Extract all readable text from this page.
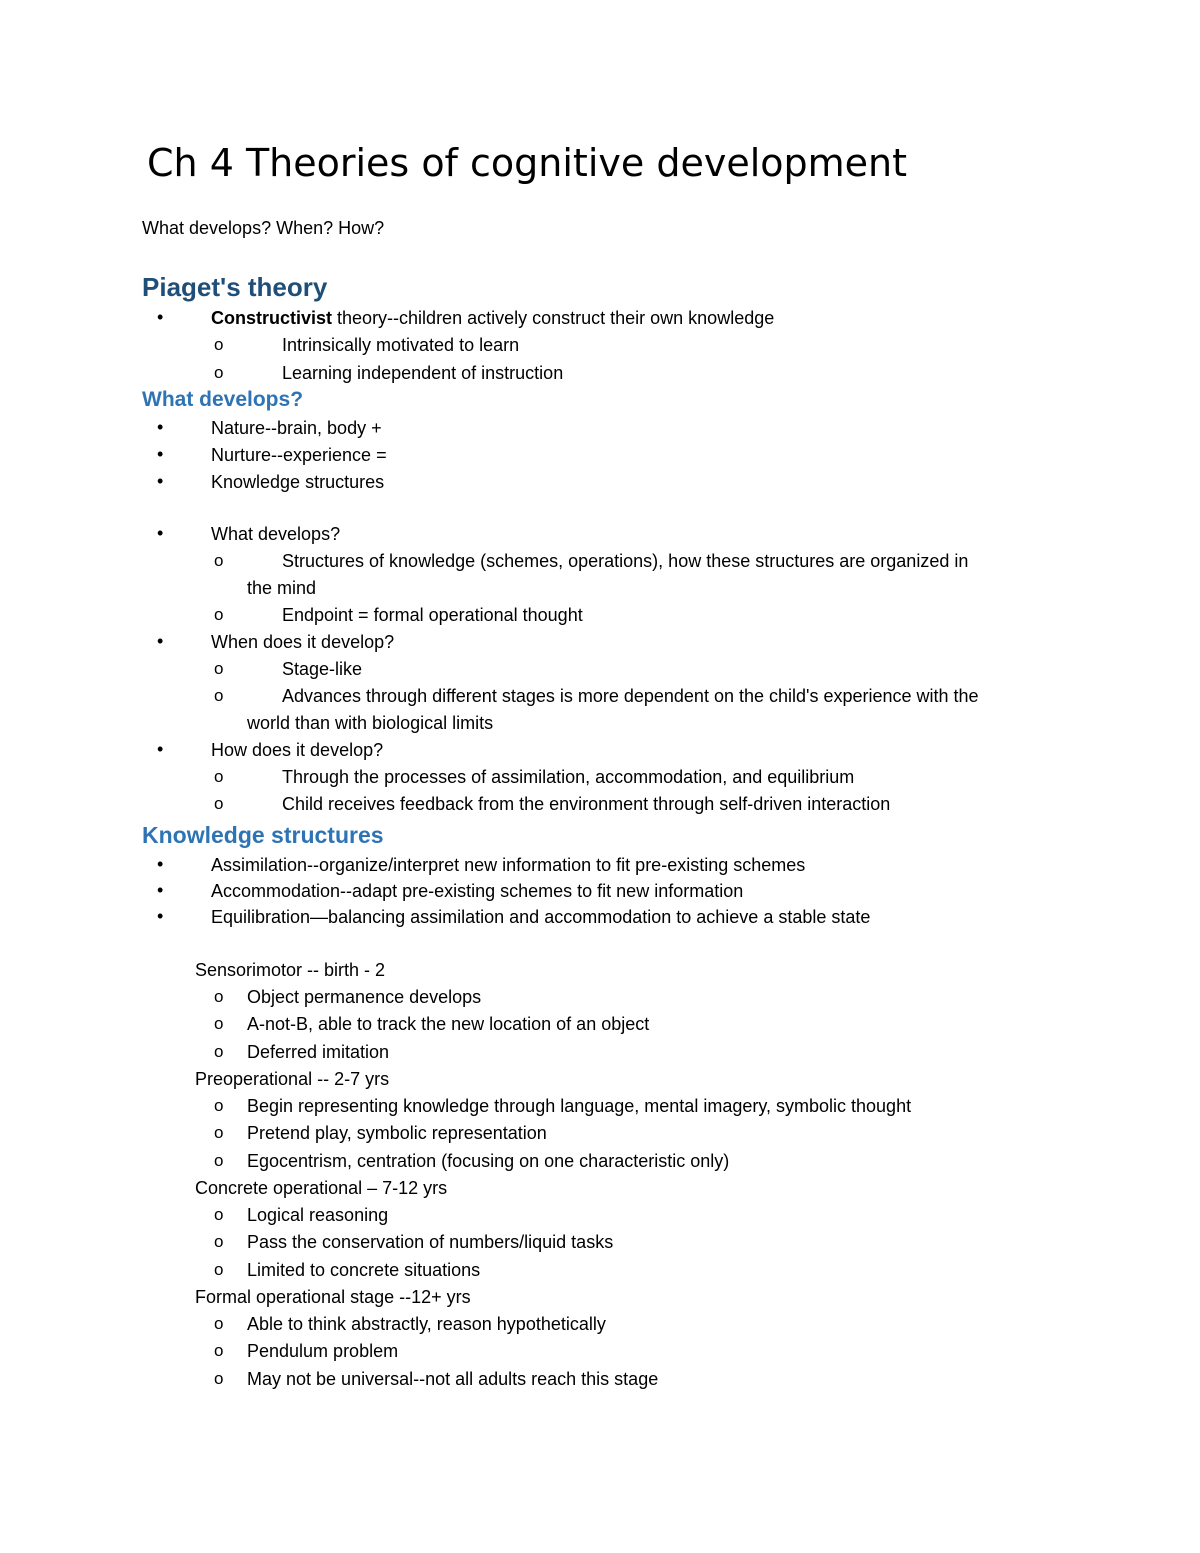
Ch 4 Theories of cognitive development
What develops? When? How?
Piaget's theory
•	Constructivist theory--children actively construct their own knowledge
o	Intrinsically motivated to learn
o	Learning independent of instruction
What develops?
•	Nature--brain, body +
•	Nurture--experience =
•	Knowledge structures
•	What develops?
o	Structures of knowledge (schemes, operations), how these structures are organized in
the mind
o	Endpoint = formal operational thought
•	When does it develop?
o	Stage-like
o	Advances through different stages is more dependent on the child's experience with the
world than with biological limits
•	How does it develop?
o	Through the processes of assimilation, accommodation, and equilibrium
o	Child receives feedback from the environment through self-driven interaction
Knowledge structures
•	Assimilation--organize/interpret new information to fit pre-existing schemes
•	Accommodation--adapt pre-existing schemes to fit new information
•	Equilibration—balancing assimilation and accommodation to achieve a stable state
Sensorimotor -- birth - 2
o Object permanence develops
o A-not-B, able to track the new location of an object
o Deferred imitation
Preoperational -- 2-7 yrs
o Begin representing knowledge through language, mental imagery, symbolic thought
o Pretend play, symbolic representation
o Egocentrism, centration (focusing on one characteristic only)
Concrete operational – 7-12 yrs
o Logical reasoning
o Pass the conservation of numbers/liquid tasks
o Limited to concrete situations
Formal operational stage --12+ yrs
o Able to think abstractly, reason hypothetically
o Pendulum problem
o May not be universal--not all adults reach this stage
